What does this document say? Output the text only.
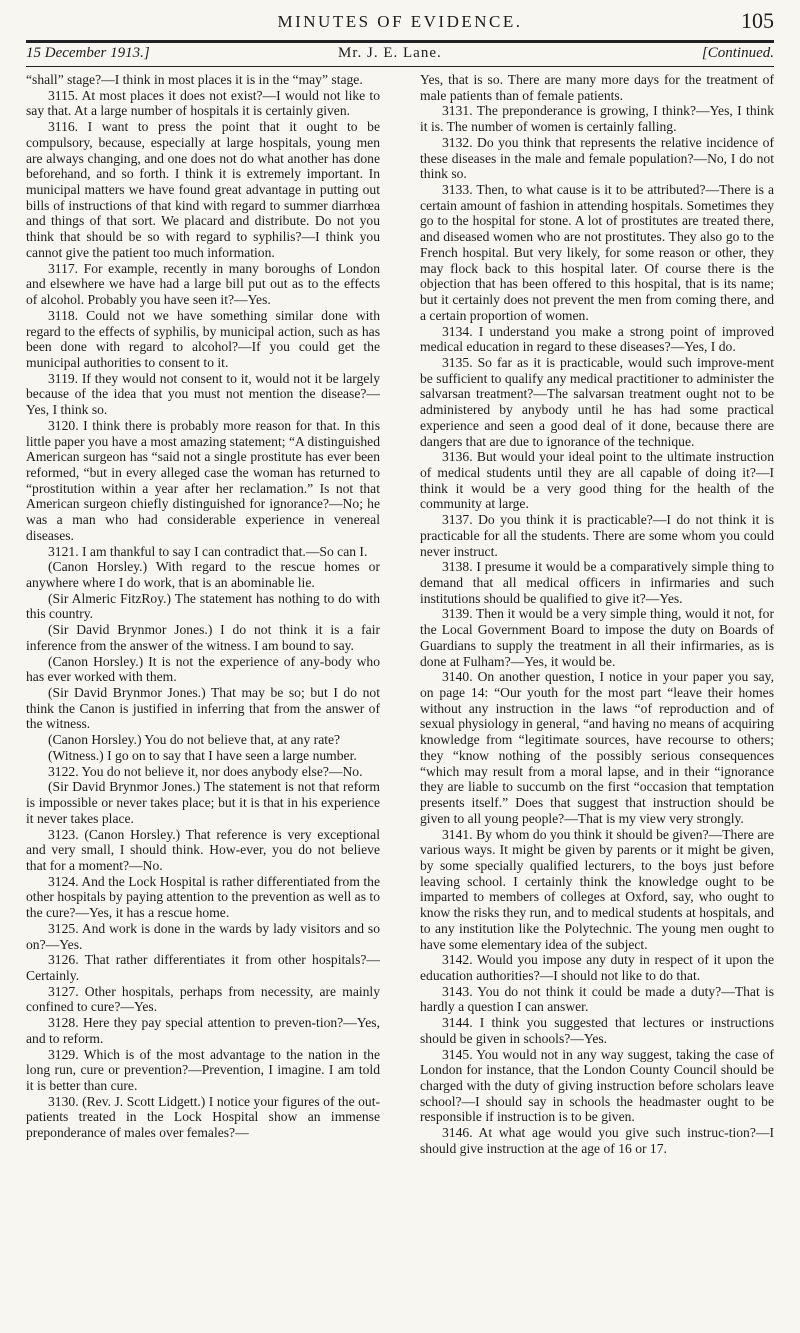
MINUTES OF EVIDENCE.	105
15 December 1913.]	Mr. J. E. Lane.	[Continued.

“shall” stage?—I think in most places it is in the “may” stage.

3115. At most places it does not exist?—I would not like to say that. At a large number of hospitals it is certainly given.

3116. I want to press the point that it ought to be compulsory, because, especially at large hospitals, young men are always changing, and one does not do what another has done beforehand, and so forth. I think it is extremely important. In municipal matters we have found great advantage in putting out bills of instructions of that kind with regard to summer diarrhœa and things of that sort. We placard and distribute. Do not you think that should be so with regard to syphilis?—I think you cannot give the patient too much information.

3117. For example, recently in many boroughs of London and elsewhere we have had a large bill put out as to the effects of alcohol. Probably you have seen it?—Yes.

3118. Could not we have something similar done with regard to the effects of syphilis, by municipal action, such as has been done with regard to alcohol?—If you could get the municipal authorities to consent to it.

3119. If they would not consent to it, would not it be largely because of the idea that you must not mention the disease?—Yes, I think so.

3120. I think there is probably more reason for that. In this little paper you have a most amazing statement; “A distinguished American surgeon has “said not a single prostitute has ever been reformed, “but in every alleged case the woman has returned to “prostitution within a year after her reclamation.” Is not that American surgeon chiefly distinguished for ignorance?—No; he was a man who had considerable experience in venereal diseases.

3121. I am thankful to say I can contradict that.—So can I.

(Canon Horsley.) With regard to the rescue homes or anywhere where I do work, that is an abominable lie.

(Sir Almeric FitzRoy.) The statement has nothing to do with this country.

(Sir David Brynmor Jones.) I do not think it is a fair inference from the answer of the witness. I am bound to say.

(Canon Horsley.) It is not the experience of any-body who has ever worked with them.

(Sir David Brynmor Jones.) That may be so; but I do not think the Canon is justified in inferring that from the answer of the witness.

(Canon Horsley.) You do not believe that, at any rate?

(Witness.) I go on to say that I have seen a large number.

3122. You do not believe it, nor does anybody else?—No.

(Sir David Brynmor Jones.) The statement is not that reform is impossible or never takes place; but it is that in his experience it never takes place.

3123. (Canon Horsley.) That reference is very exceptional and very small, I should think. How-ever, you do not believe that for a moment?—No.

3124. And the Lock Hospital is rather differentiated from the other hospitals by paying attention to the prevention as well as to the cure?—Yes, it has a rescue home.

3125. And work is done in the wards by lady visitors and so on?—Yes.

3126. That rather differentiates it from other hospitals?—Certainly.

3127. Other hospitals, perhaps from necessity, are mainly confined to cure?—Yes.

3128. Here they pay special attention to preven-tion?—Yes, and to reform.

3129. Which is of the most advantage to the nation in the long run, cure or prevention?—Prevention, I imagine. I am told it is better than cure.

3130. (Rev. J. Scott Lidgett.) I notice your figures of the out-patients treated in the Lock Hospital show an immense preponderance of males over females?—

Yes, that is so. There are many more days for the treatment of male patients than of female patients.

3131. The preponderance is growing, I think?—Yes, I think it is. The number of women is certainly falling.

3132. Do you think that represents the relative incidence of these diseases in the male and female population?—No, I do not think so.

3133. Then, to what cause is it to be attributed?—There is a certain amount of fashion in attending hospitals. Sometimes they go to the hospital for stone. A lot of prostitutes are treated there, and diseased women who are not prostitutes. They also go to the French hospital. But very likely, for some reason or other, they may flock back to this hospital later. Of course there is the objection that has been offered to this hospital, that is its name; but it certainly does not prevent the men from coming there, and a certain proportion of women.

3134. I understand you make a strong point of improved medical education in regard to these diseases?—Yes, I do.

3135. So far as it is practicable, would such improve-ment be sufficient to qualify any medical practitioner to administer the salvarsan treatment?—The salvarsan treatment ought not to be administered by anybody until he has had some practical experience and seen a good deal of it done, because there are dangers that are due to ignorance of the technique.

3136. But would your ideal point to the ultimate instruction of medical students until they are all capable of doing it?—I think it would be a very good thing for the health of the community at large.

3137. Do you think it is practicable?—I do not think it is practicable for all the students. There are some whom you could never instruct.

3138. I presume it would be a comparatively simple thing to demand that all medical officers in infirmaries and such institutions should be qualified to give it?—Yes.

3139. Then it would be a very simple thing, would it not, for the Local Government Board to impose the duty on Boards of Guardians to supply the treatment in all their infirmaries, as is done at Fulham?—Yes, it would be.

3140. On another question, I notice in your paper you say, on page 14: “Our youth for the most part “leave their homes without any instruction in the laws “of reproduction and of sexual physiology in general, “and having no means of acquiring knowledge from “legitimate sources, have recourse to others; they “know nothing of the possibly serious consequences “which may result from a moral lapse, and in their “ignorance they are liable to succumb on the first “occasion that temptation presents itself.” Does that suggest that instruction should be given to all young people?—That is my view very strongly.

3141. By whom do you think it should be given?—There are various ways. It might be given by parents or it might be given, by some specially qualified lecturers, to the boys just before leaving school. I certainly think the knowledge ought to be imparted to members of colleges at Oxford, say, who ought to know the risks they run, and to medical students at hospitals, and to any institution like the Polytechnic. The young men ought to have some elementary idea of the subject.

3142. Would you impose any duty in respect of it upon the education authorities?—I should not like to do that.

3143. You do not think it could be made a duty?—That is hardly a question I can answer.

3144. I think you suggested that lectures or instructions should be given in schools?—Yes.

3145. You would not in any way suggest, taking the case of London for instance, that the London County Council should be charged with the duty of giving instruction before scholars leave school?—I should say in schools the headmaster ought to be responsible if instruction is to be given.

3146. At what age would you give such instruc-tion?—I should give instruction at the age of 16 or 17.
